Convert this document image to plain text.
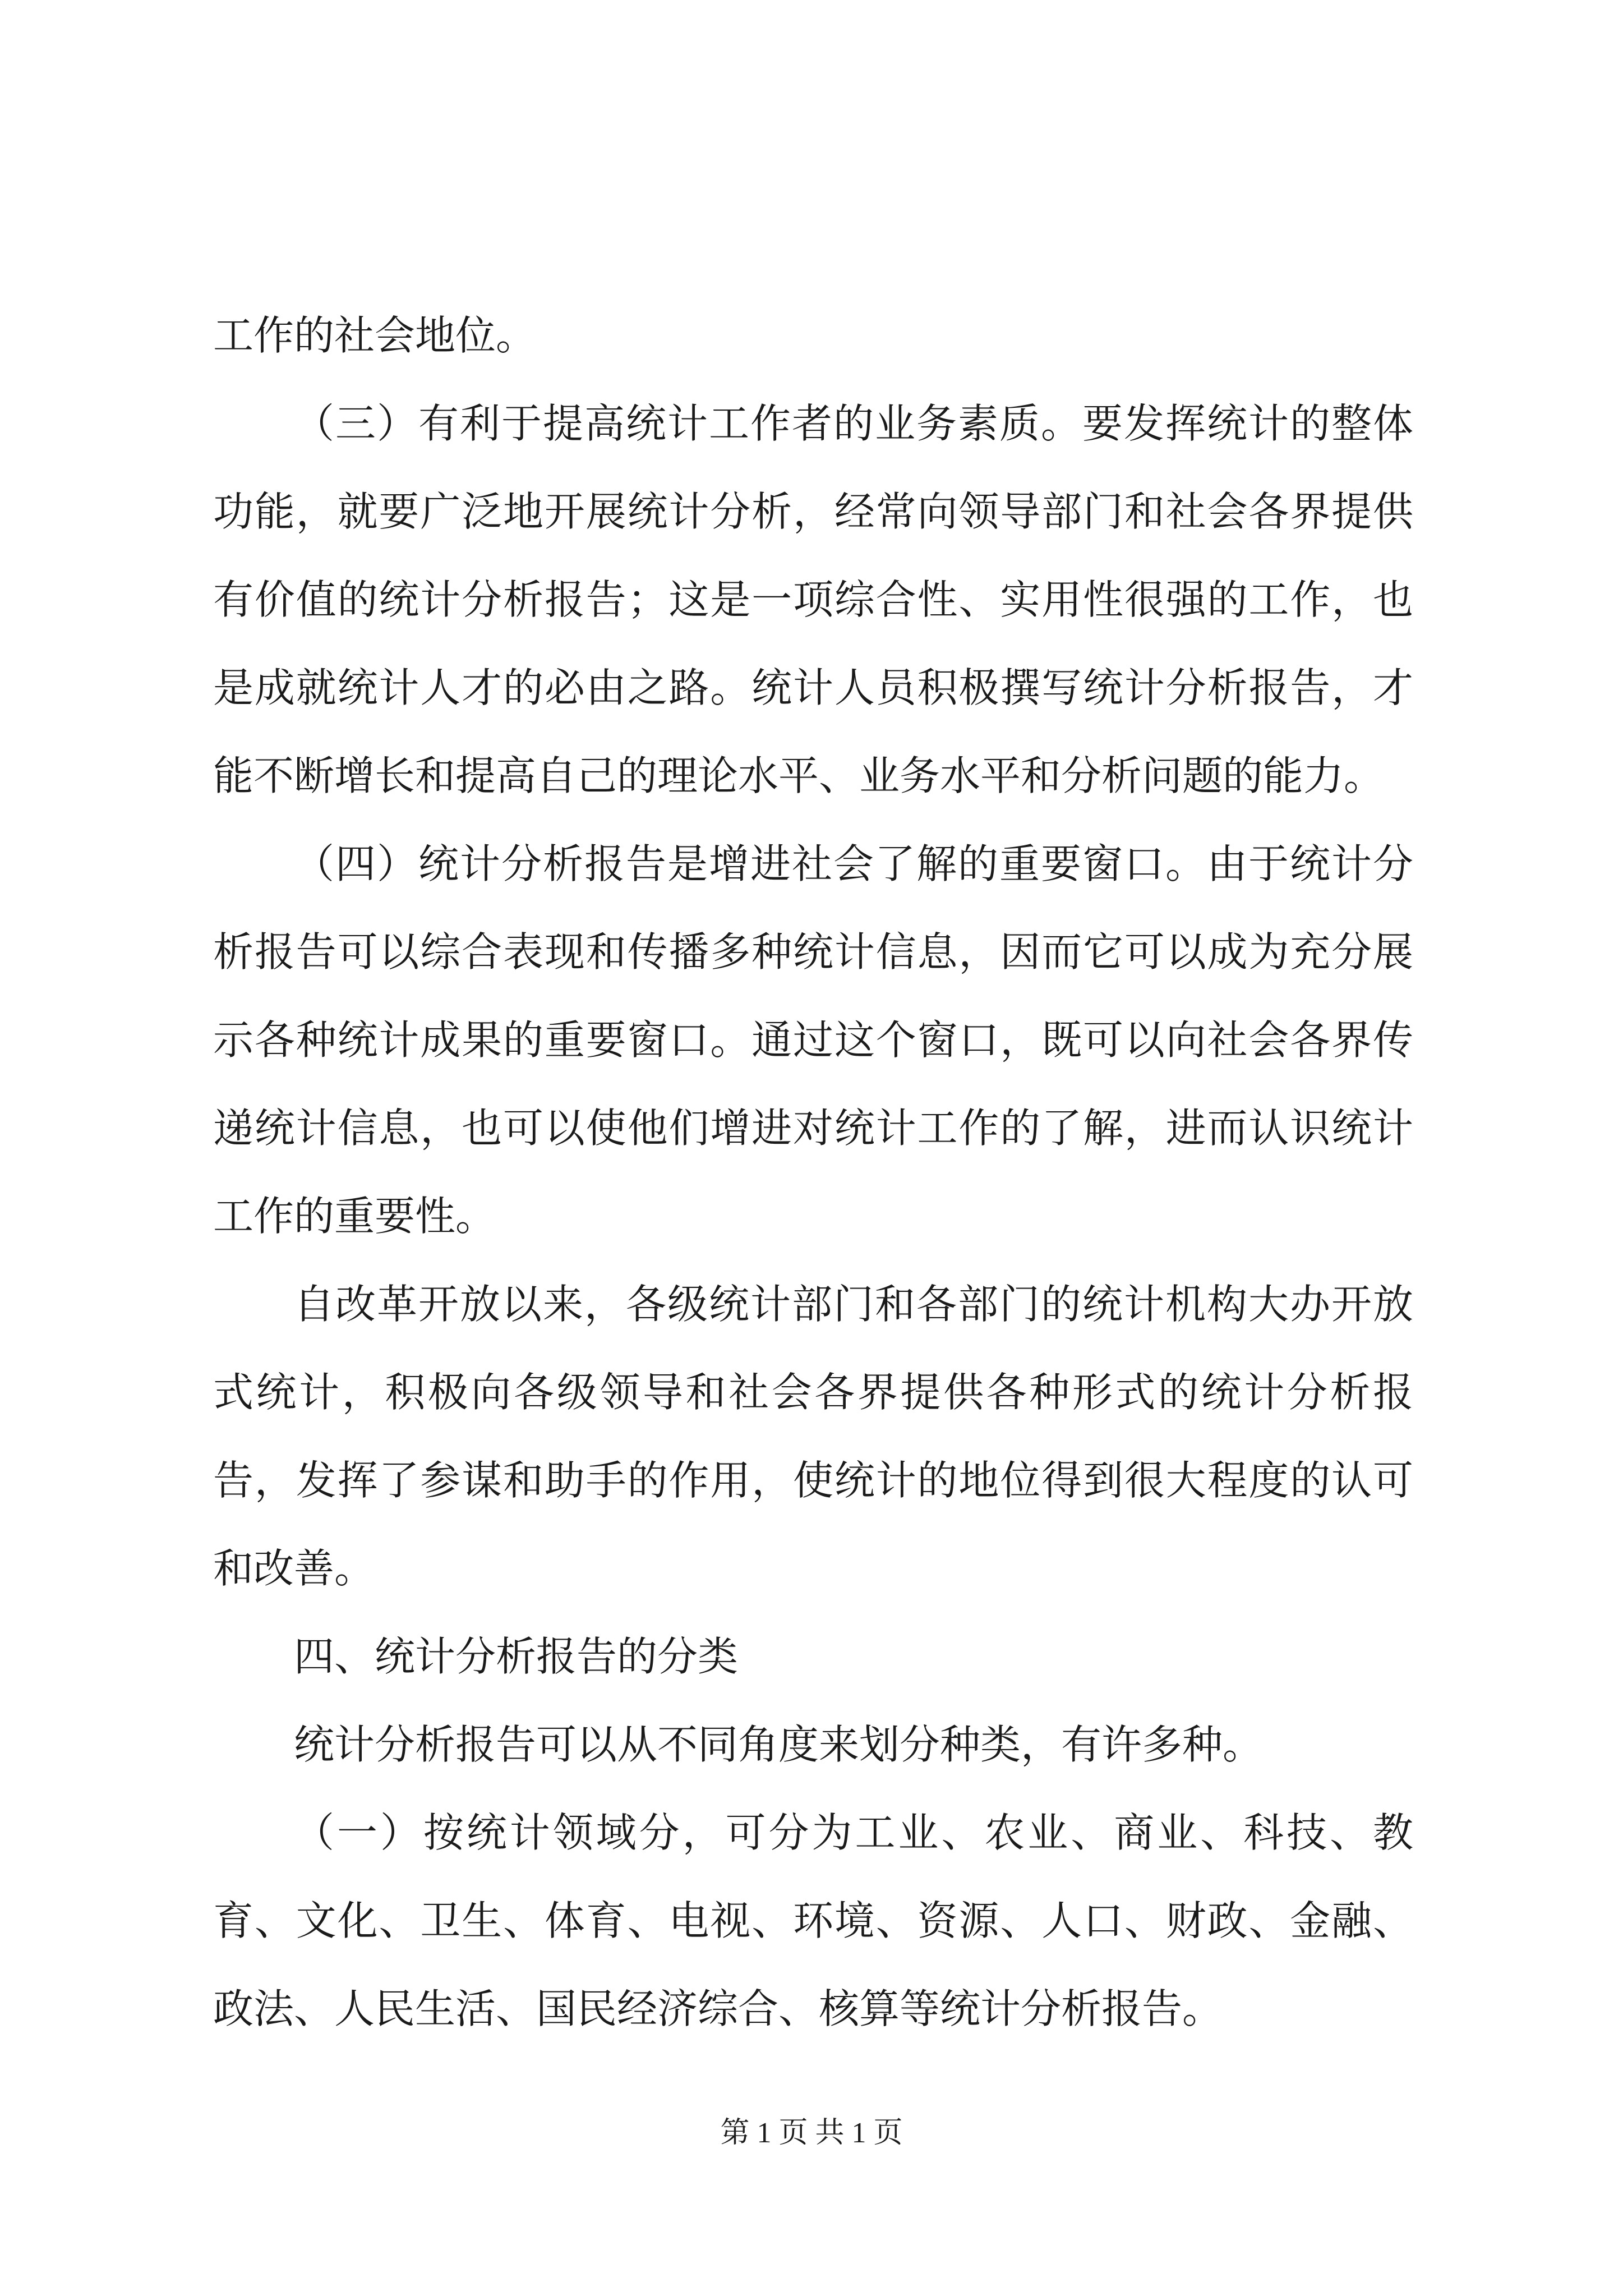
工作的社会地位。

（三）有利于提高统计工作者的业务素质。要发挥统计的整体功能，就要广泛地开展统计分析，经常向领导部门和社会各界提供有价值的统计分析报告；这是一项综合性、实用性很强的工作，也是成就统计人才的必由之路。统计人员积极撰写统计分析报告，才能不断增长和提高自己的理论水平、业务水平和分析问题的能力。

（四）统计分析报告是增进社会了解的重要窗口。由于统计分析报告可以综合表现和传播多种统计信息，因而它可以成为充分展示各种统计成果的重要窗口。通过这个窗口，既可以向社会各界传递统计信息，也可以使他们增进对统计工作的了解，进而认识统计工作的重要性。

自改革开放以来，各级统计部门和各部门的统计机构大办开放式统计，积极向各级领导和社会各界提供各种形式的统计分析报告，发挥了参谋和助手的作用，使统计的地位得到很大程度的认可和改善。

四、统计分析报告的分类

统计分析报告可以从不同角度来划分种类，有许多种。

（一）按统计领域分，可分为工业、农业、商业、科技、教育、文化、卫生、体育、电视、环境、资源、人口、财政、金融、政法、人民生活、国民经济综合、核算等统计分析报告。

第 1 页 共 1 页
